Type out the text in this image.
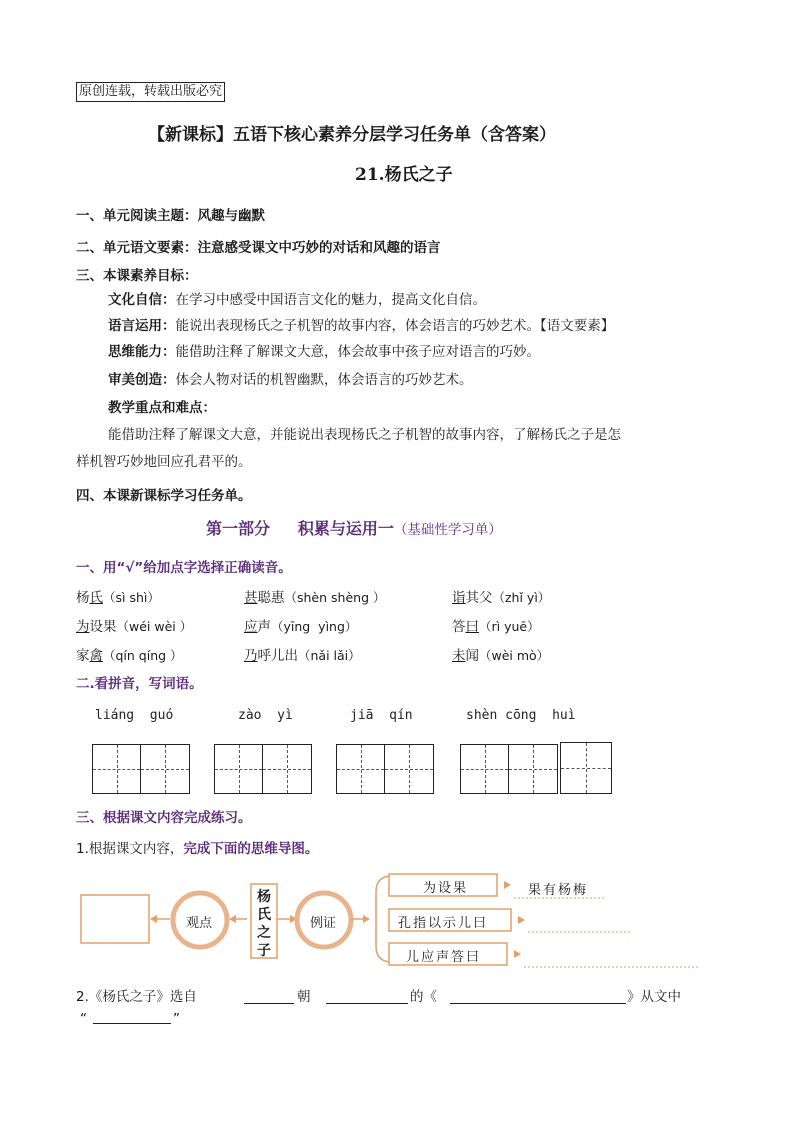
原创连载，转载出版必究
【新课标】五语下核心素养分层学习任务单（含答案）
21.杨氏之子
一、单元阅读主题：风趣与幽默
二、单元语文要素：注意感受课文中巧妙的对话和风趣的语言
三、本课素养目标：
文化自信：在学习中感受中国语言文化的魅力，提高文化自信。
语言运用：能说出表现杨氏之子机智的故事内容，体会语言的巧妙艺术。【语文要素】
思维能力：能借助注释了解课文大意，体会故事中孩子应对语言的巧妙。
审美创造：体会人物对话的机智幽默，体会语言的巧妙艺术。
教学重点和难点：
能借助注释了解课文大意，并能说出表现杨氏之子机智的故事内容，了解杨氏之子是怎
样机智巧妙地回应孔君平的。
四、本课新课标学习任务单。
第一部分     积累与运用一（基础性学习单）
一、用“√”给加点字选择正确读音。
杨氏（sì shì）	甚聪惠（shèn shèng ）	诣其父（zhǐ yì）
为设果（wéi wèi ）	应声（yīng  yìng）	答曰（rì yuē）
家禽（qín qíng ）	乃呼儿出（nǎi lǎi）	未闻（wèi mò）
二.看拼音，写词语。
liáng  guó	zào  yì	jiā  qín	shèn cōng  huì
三、根据课文内容完成练习。
1.根据课文内容，完成下面的思维导图。
观点	例证
杨
氏
之
子
为设果
孔指以示儿曰
儿应声答曰
果有杨梅
2.《杨氏之子》选自	朝	的《	》从文中
“	”
